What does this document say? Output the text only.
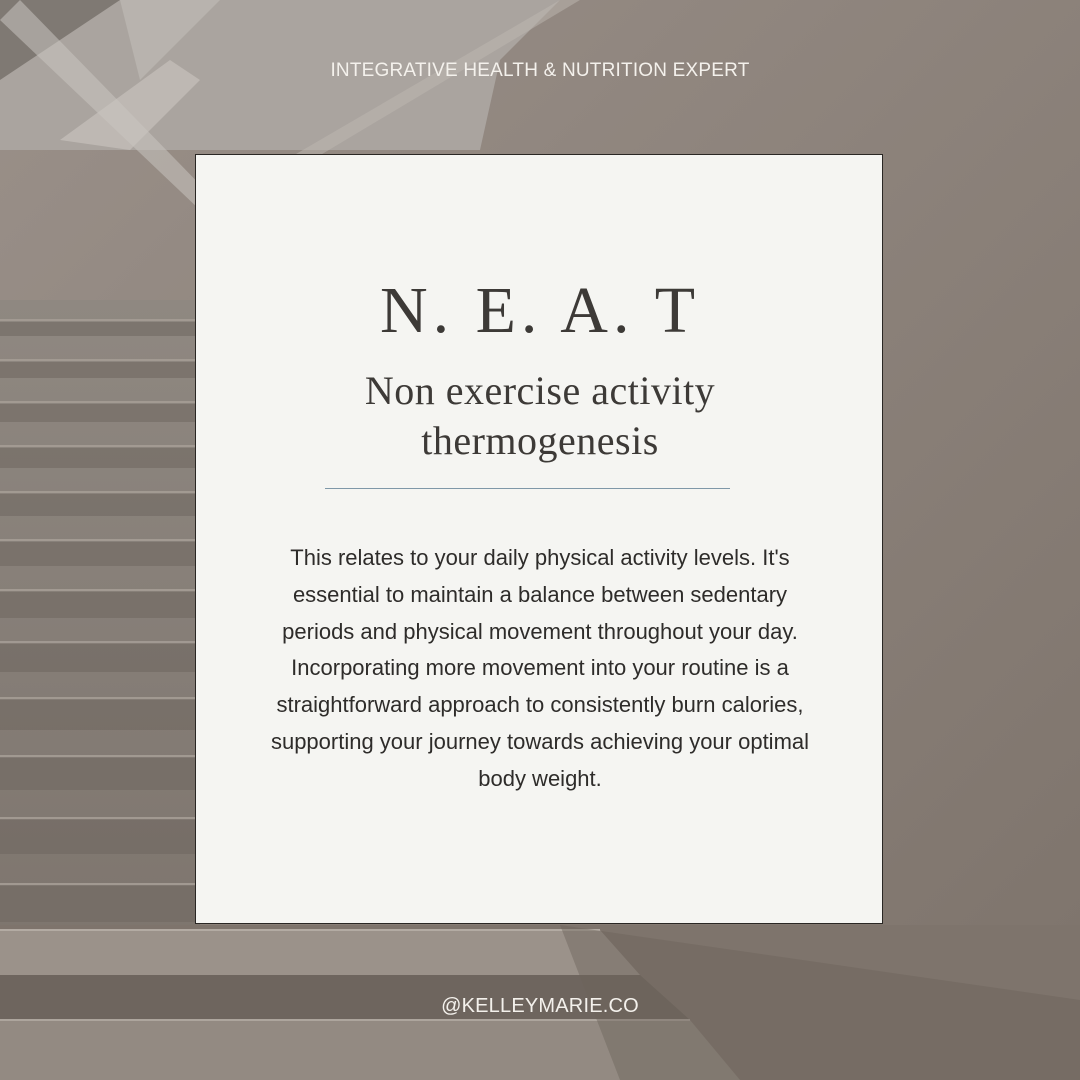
INTEGRATIVE HEALTH & NUTRITION EXPERT
N. E. A. T
Non exercise activity
thermogenesis
This relates to your daily physical activity levels. It's essential to maintain a balance between sedentary periods and physical movement throughout your day. Incorporating more movement into your routine is a straightforward approach to consistently burn calories, supporting your journey towards achieving your optimal body weight.
@KELLEYMARIE.CO
